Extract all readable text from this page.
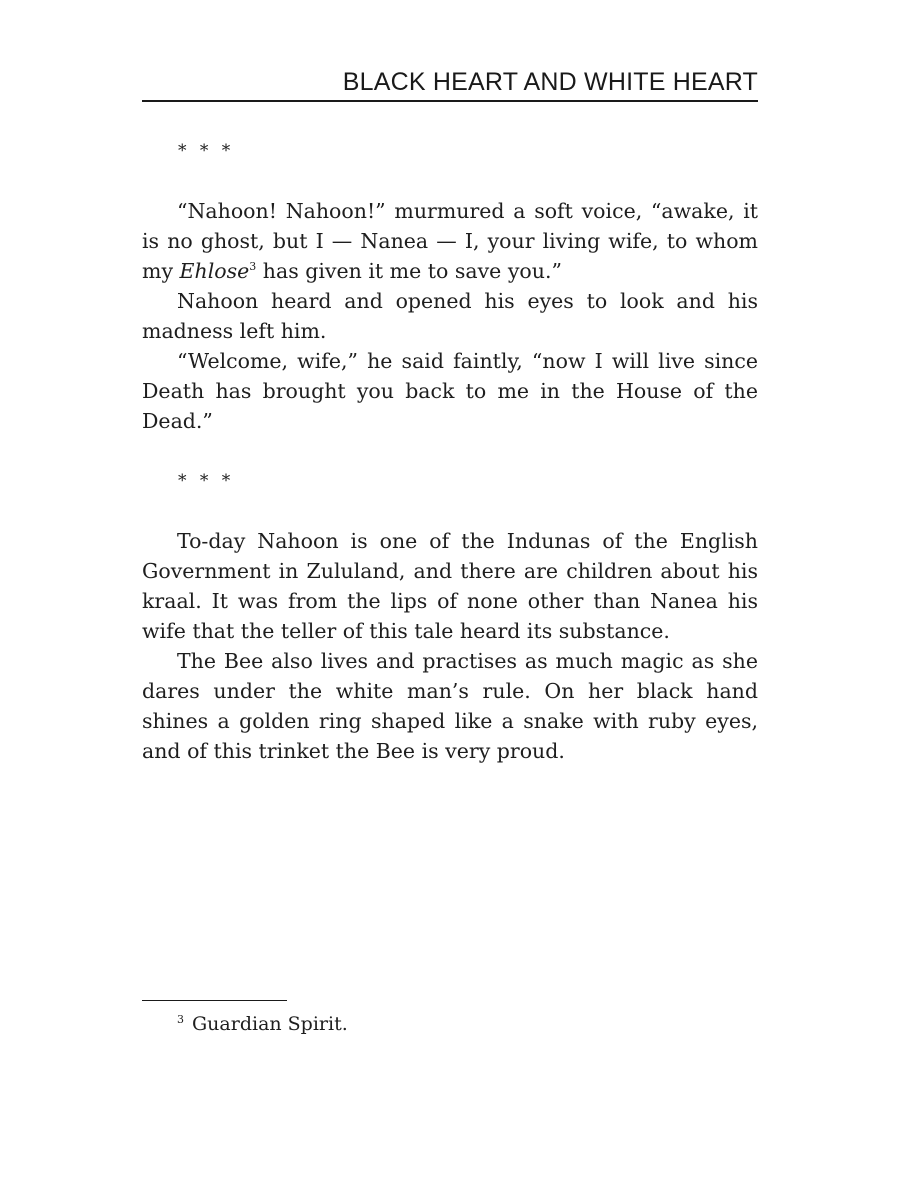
BLACK HEART AND WHITE HEART
* * *

“Nahoon! Nahoon!” murmured a soft voice, “awake, it is no ghost, but I — Nanea — I, your living wife, to whom my Ehlose$^3$ has given it me to save you.”

Nahoon heard and opened his eyes to look and his madness left him.

“Welcome, wife,” he said faintly, “now I will live since Death has brought you back to me in the House of the Dead.”

* * *

To-day Nahoon is one of the Indunas of the English Government in Zululand, and there are children about his kraal. It was from the lips of none other than Nanea his wife that the teller of this tale heard its substance.

The Bee also lives and practises as much magic as she dares under the white man’s rule. On her black hand shines a golden ring shaped like a snake with ruby eyes, and of this trinket the Bee is very proud.

$^3$ Guardian Spirit.
